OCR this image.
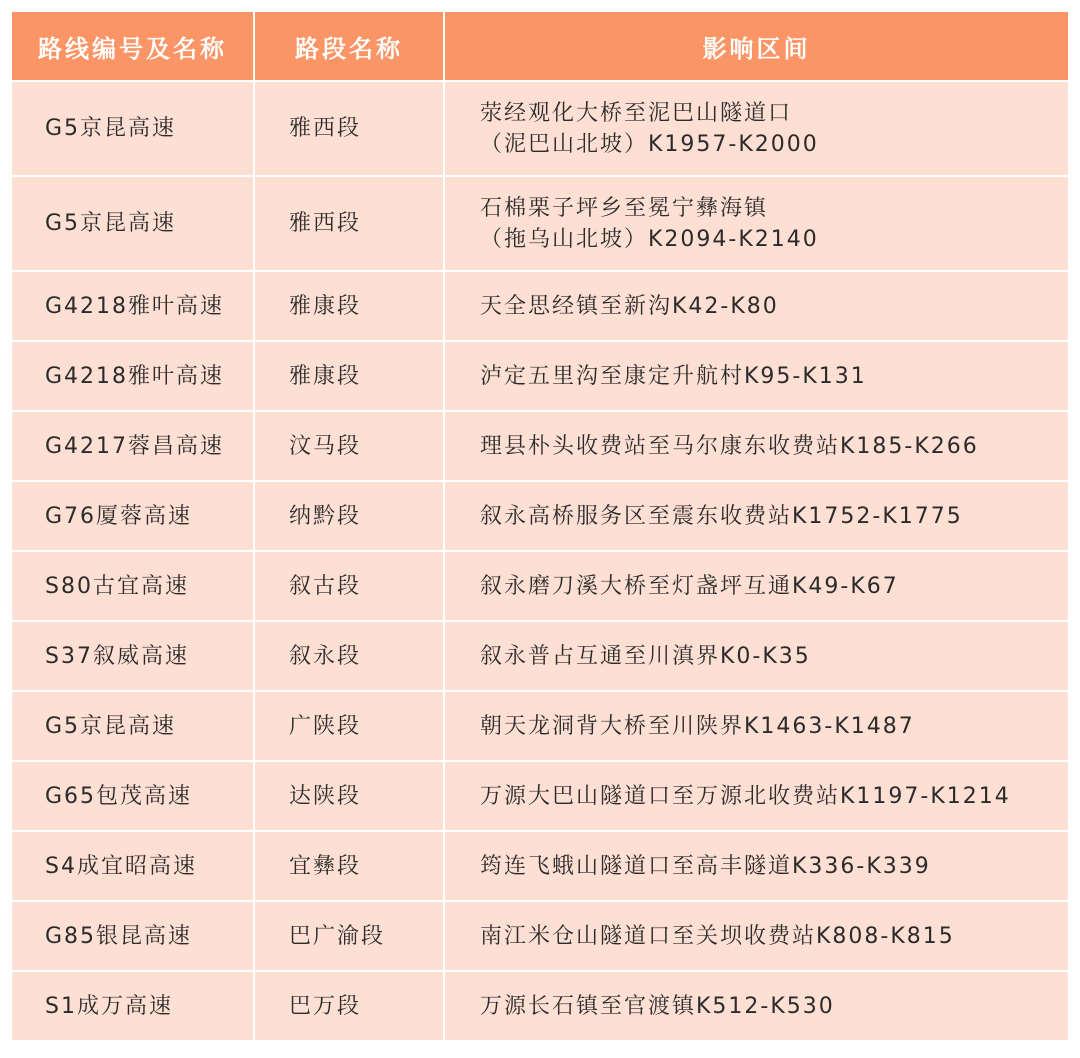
路线编号及名称	路段名称	影响区间
G5京昆高速	雅西段	荥经观化大桥至泥巴山隧道口
（泥巴山北坡）K1957-K2000

G5京昆高速	雅西段	石棉栗子坪乡至冕宁彝海镇
（拖乌山北坡）K2094-K2140

G4218雅叶高速	雅康段	天全思经镇至新沟K42-K80
G4218雅叶高速	雅康段	泸定五里沟至康定升航村K95-K131
G4217蓉昌高速	汶马段	理县朴头收费站至马尔康东收费站K185-K266
G76厦蓉高速	纳黔段	叙永高桥服务区至震东收费站K1752-K1775
S80古宜高速	叙古段	叙永磨刀溪大桥至灯盏坪互通K49-K67
S37叙威高速	叙永段	叙永普占互通至川滇界K0-K35
G5京昆高速	广陕段	朝天龙洞背大桥至川陕界K1463-K1487
G65包茂高速	达陕段	万源大巴山隧道口至万源北收费站K1197-K1214
S4成宜昭高速	宜彝段	筠连飞蛾山隧道口至高丰隧道K336-K339
G85银昆高速	巴广渝段	南江米仓山隧道口至关坝收费站K808-K815
S1成万高速	巴万段	万源长石镇至官渡镇K512-K530
